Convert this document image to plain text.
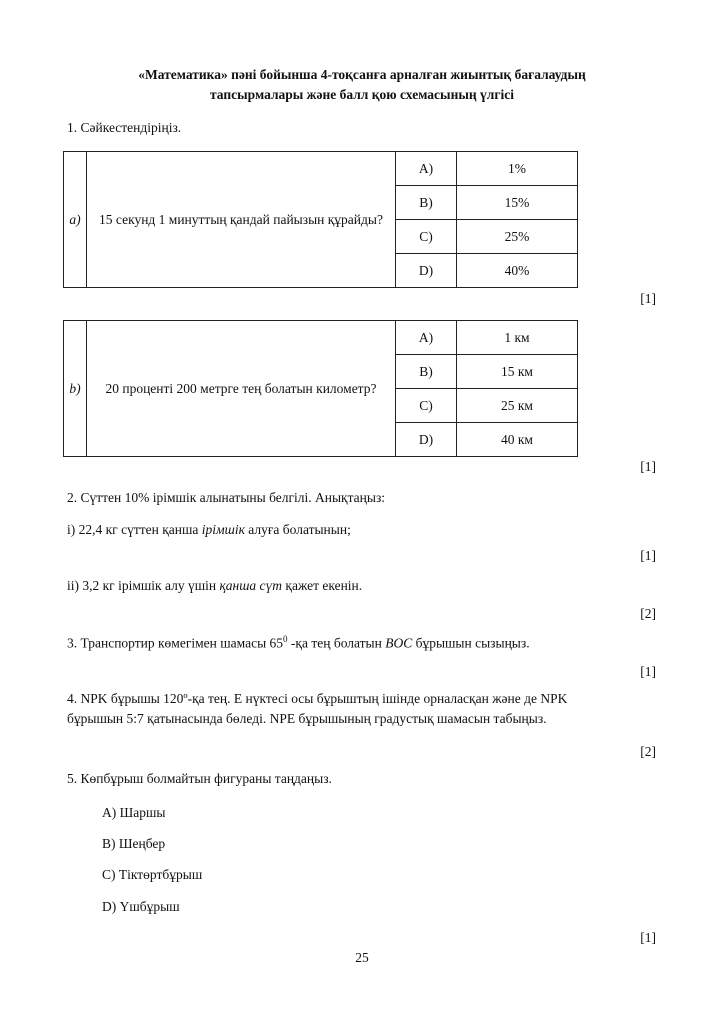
«Математика» пәні бойынша 4-тоқсанға арналған жиынтық бағалаудың
тапсырмалары және балл қою схемасының үлгісі
1. Сәйкестендіріңіз.
a)	15 секунд 1 минуттың қандай пайызын құрайды?	A)	1%
		B)	15%
		C)	25%
		D)	40%
[1]
b)	20 проценті 200 метрге тең болатын километр?	A)	1 км
		B)	15 км
		C)	25 км
		D)	40 км
[1]
2. Сүттен 10% ірімшік алынатыны белгілі. Анықтаңыз:
i) 22,4 кг сүттен қанша ірімшік алуға болатынын;
[1]
ii) 3,2 кг ірімшік алу үшін қанша сүт қажет екенін.
[2]
3. Транспортир көмегімен шамасы $65^0$ -қа тең болатын BOC бұрышын сызыңыз.
[1]
4. NPK бұрышы 120º-қа тең. E нүктесі осы бұрыштың ішінде орналасқан және де NPK
бұрышын 5:7 қатынасында бөледі. NPE бұрышының градустық шамасын табыңыз.
[2]
5. Көпбұрыш болмайтын фигураны таңдаңыз.
A) Шаршы
B) Шеңбер
C) Тіктөртбұрыш
D) Үшбұрыш
[1]
25
